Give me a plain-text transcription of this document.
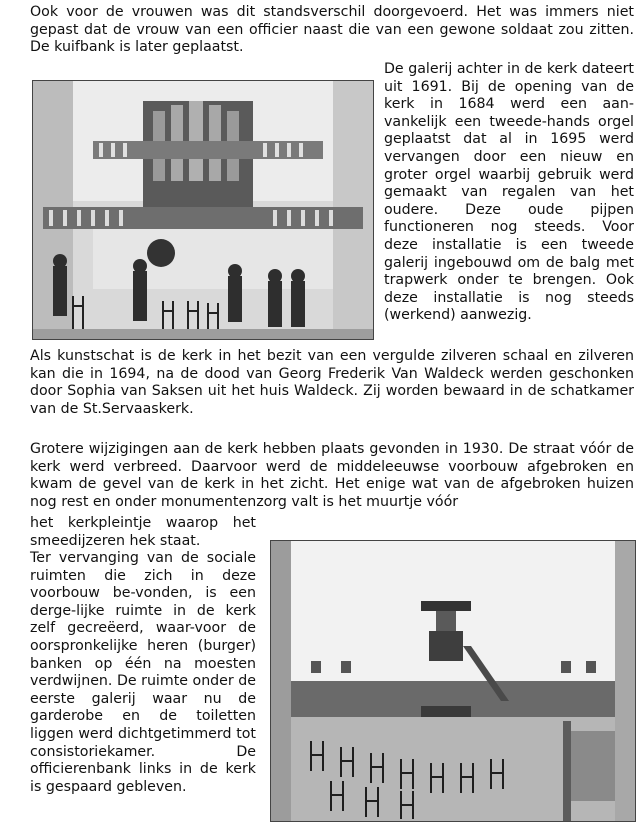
Ook voor de vrouwen was dit standsverschil doorgevoerd. Het was immers niet gepast dat de vrouw van een officier naast die van een gewone soldaat zou zitten. De kuifbank is later geplaatst.

De galerij achter in de kerk dateert uit 1691. Bij de opening van de kerk in 1684 werd een aan-vankelijk een tweede-hands orgel geplaatst dat al in 1695 werd vervangen door een nieuw en groter orgel waarbij gebruik werd gemaakt van regalen van het oudere. Deze oude pijpen functioneren nog steeds. Voor deze installatie is een tweede galerij ingebouwd om de balg met trapwerk onder te brengen. Ook deze installatie is nog steeds (werkend) aanwezig.

Als kunstschat is de kerk in het bezit van een vergulde zilveren schaal en zilveren kan die in 1694, na de dood van Georg Frederik Van Waldeck werden geschonken door Sophia van Saksen uit het huis Waldeck. Zij worden bewaard in de schatkamer van de St.Servaaskerk.

Grotere wijzigingen aan de kerk hebben plaats gevonden in 1930. De straat vóór de kerk werd verbreed. Daarvoor werd de middeleeuwse voorbouw afgebroken en kwam de gevel van de kerk in het zicht. Het enige wat van de afgebroken huizen nog rest en onder monumentenzorg valt is het muurtje vóór

het kerkpleintje waarop het smeedijzeren hek staat.

Ter vervanging van de sociale ruimten die zich in deze voorbouw be-vonden, is een derge-lijke ruimte in de kerk zelf gecreëerd, waar-voor de oorspronkelijke heren (burger) banken op één na moesten verdwijnen. De ruimte onder de eerste galerij waar nu de garderobe en de toiletten liggen werd dichtgetimmerd tot consistoriekamer. De officierenbank links in de kerk is gespaard gebleven.
